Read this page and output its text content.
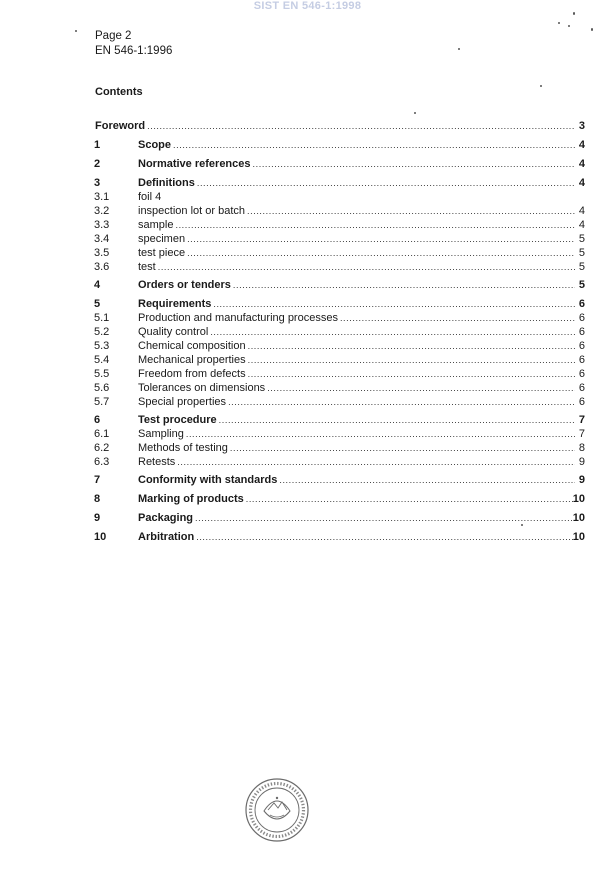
SIST EN 546-1:1998
Page 2
EN 546-1:1996
Contents
Foreword .....	3
1	Scope .....	4
2	Normative references .....	4
3	Definitions .....	4
3.1	foil 4
3.2	inspection lot or batch .....	4
3.3	sample .....	4
3.4	specimen .....	5
3.5	test piece .....	5
3.6	test .....	5
4	Orders or tenders .....	5
5	Requirements .....	6
5.1	Production and manufacturing processes .....	6
5.2	Quality control .....	6
5.3	Chemical composition .....	6
5.4	Mechanical properties .....	6
5.5	Freedom from defects .....	6
5.6	Tolerances on dimensions .....	6
5.7	Special properties .....	6
6	Test procedure .....	7
6.1	Sampling .....	7
6.2	Methods of testing .....	8
6.3	Retests .....	9
7	Conformity with standards .....	9
8	Marking of products .....	10
9	Packaging .....	10
10	Arbitration .....	10
